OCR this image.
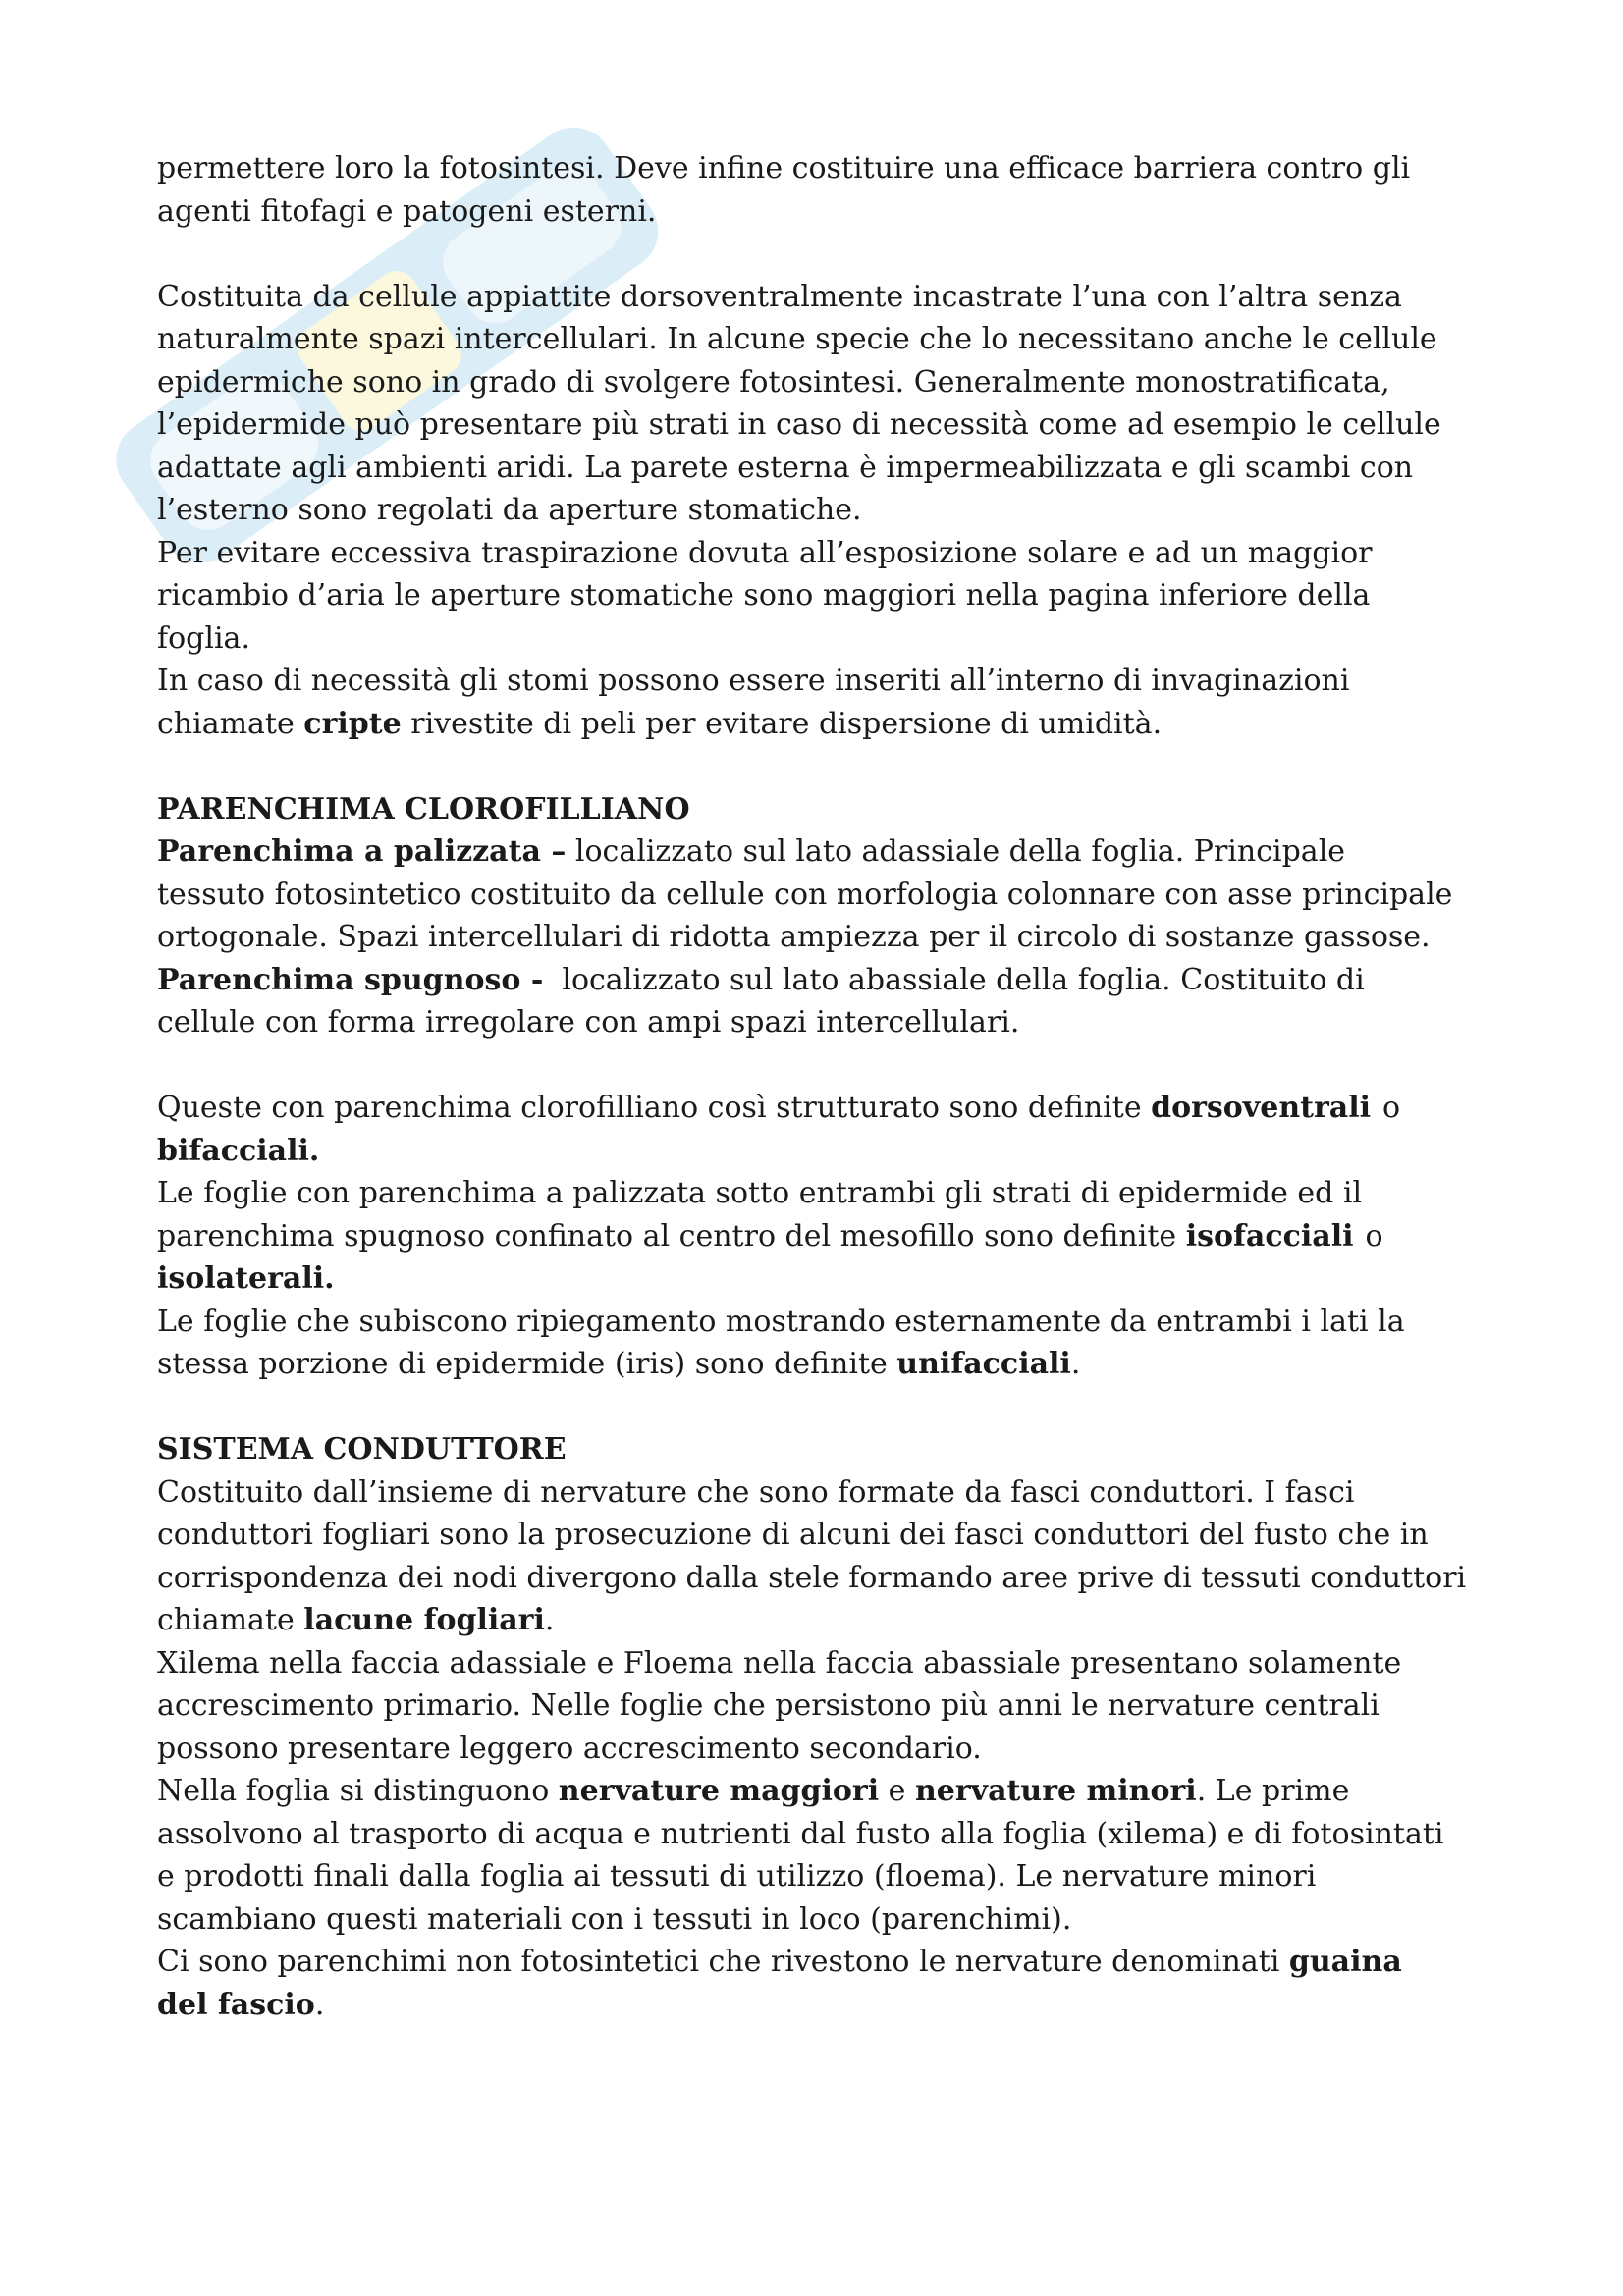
permettere loro la fotosintesi. Deve infine costituire una efficace barriera contro gli

agenti fitofagi e patogeni esterni.

Costituita da cellule appiattite dorsoventralmente incastrate l’una con l’altra senza

naturalmente spazi intercellulari. In alcune specie che lo necessitano anche le cellule

epidermiche sono in grado di svolgere fotosintesi. Generalmente monostratificata,

l’epidermide può presentare più strati in caso di necessità come ad esempio le cellule

adattate agli ambienti aridi. La parete esterna è impermeabilizzata e gli scambi con

l’esterno sono regolati da aperture stomatiche.

Per evitare eccessiva traspirazione dovuta all’esposizione solare e ad un maggior

ricambio d’aria le aperture stomatiche sono maggiori nella pagina inferiore della

foglia.

In caso di necessità gli stomi possono essere inseriti all’interno di invaginazioni

chiamate cripte rivestite di peli per evitare dispersione di umidità.

PARENCHIMA CLOROFILLIANO

Parenchima a palizzata – localizzato sul lato adassiale della foglia. Principale

tessuto fotosintetico costituito da cellule con morfologia colonnare con asse principale

ortogonale. Spazi intercellulari di ridotta ampiezza per il circolo di sostanze gassose.

Parenchima spugnoso -  localizzato sul lato abassiale della foglia. Costituito di

cellule con forma irregolare con ampi spazi intercellulari.

Queste con parenchima clorofilliano così strutturato sono definite dorsoventrali o

bifacciali.

Le foglie con parenchima a palizzata sotto entrambi gli strati di epidermide ed il

parenchima spugnoso confinato al centro del mesofillo sono definite isofacciali o

isolaterali.

Le foglie che subiscono ripiegamento mostrando esternamente da entrambi i lati la

stessa porzione di epidermide (iris) sono definite unifacciali.

SISTEMA CONDUTTORE

Costituito dall’insieme di nervature che sono formate da fasci conduttori. I fasci

conduttori fogliari sono la prosecuzione di alcuni dei fasci conduttori del fusto che in

corrispondenza dei nodi divergono dalla stele formando aree prive di tessuti conduttori

chiamate lacune fogliari.

Xilema nella faccia adassiale e Floema nella faccia abassiale presentano solamente

accrescimento primario. Nelle foglie che persistono più anni le nervature centrali

possono presentare leggero accrescimento secondario.

Nella foglia si distinguono nervature maggiori e nervature minori. Le prime

assolvono al trasporto di acqua e nutrienti dal fusto alla foglia (xilema) e di fotosintati

e prodotti finali dalla foglia ai tessuti di utilizzo (floema). Le nervature minori

scambiano questi materiali con i tessuti in loco (parenchimi).

Ci sono parenchimi non fotosintetici che rivestono le nervature denominati guaina

del fascio.
